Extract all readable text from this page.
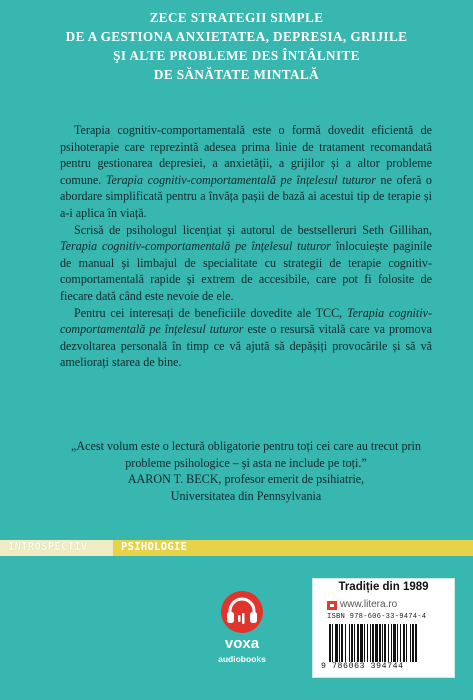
ZECE STRATEGII SIMPLE
DE A GESTIONA ANXIETATEA, DEPRESIA, GRIJILE
ŞI ALTE PROBLEME DES ÎNTÂLNITE
DE SĂNĂTATE MINTALĂ

Terapia cognitiv-comportamentală este o formă dovedit eficientă de psihoterapie care reprezintă adesea prima linie de tratament recomandată pentru gestionarea depresiei, a anxietății, a grijilor și a altor probleme comune. Terapia cognitiv-comportamentală pe înțelesul tuturor ne oferă o abordare simplificată pentru a învăța pașii de bază ai acestui tip de terapie și a-i aplica în viață.

Scrisă de psihologul licențiat și autorul de bestselleruri Seth Gillihan, Terapia cognitiv-comportamentală pe înțelesul tuturor înlocuiește paginile de manual și limbajul de specialitate cu strategii de terapie cognitiv-comportamentală rapide și extrem de accesibile, care pot fi folosite de fiecare dată când este nevoie de ele.

Pentru cei interesați de beneficiile dovedite ale TCC, Terapia cognitiv-comportamentală pe înțelesul tuturor este o resursă vitală care va promova dezvoltarea personală în timp ce vă ajută să depășiți provocările și să vă ameliorați starea de bine.

„Acest volum este o lectură obligatorie pentru toți cei care au trecut prin probleme psihologice – și asta ne include pe toți.”
AARON T. BECK, profesor emerit de psihiatrie,
Universitatea din Pennsylvania
INTROSPECTIV	PSIHOLOGIE
voxa
audiobooks
Tradiție din 1989
www.litera.ro
ISBN 978-606-33-9474-4
9 786063 394744
